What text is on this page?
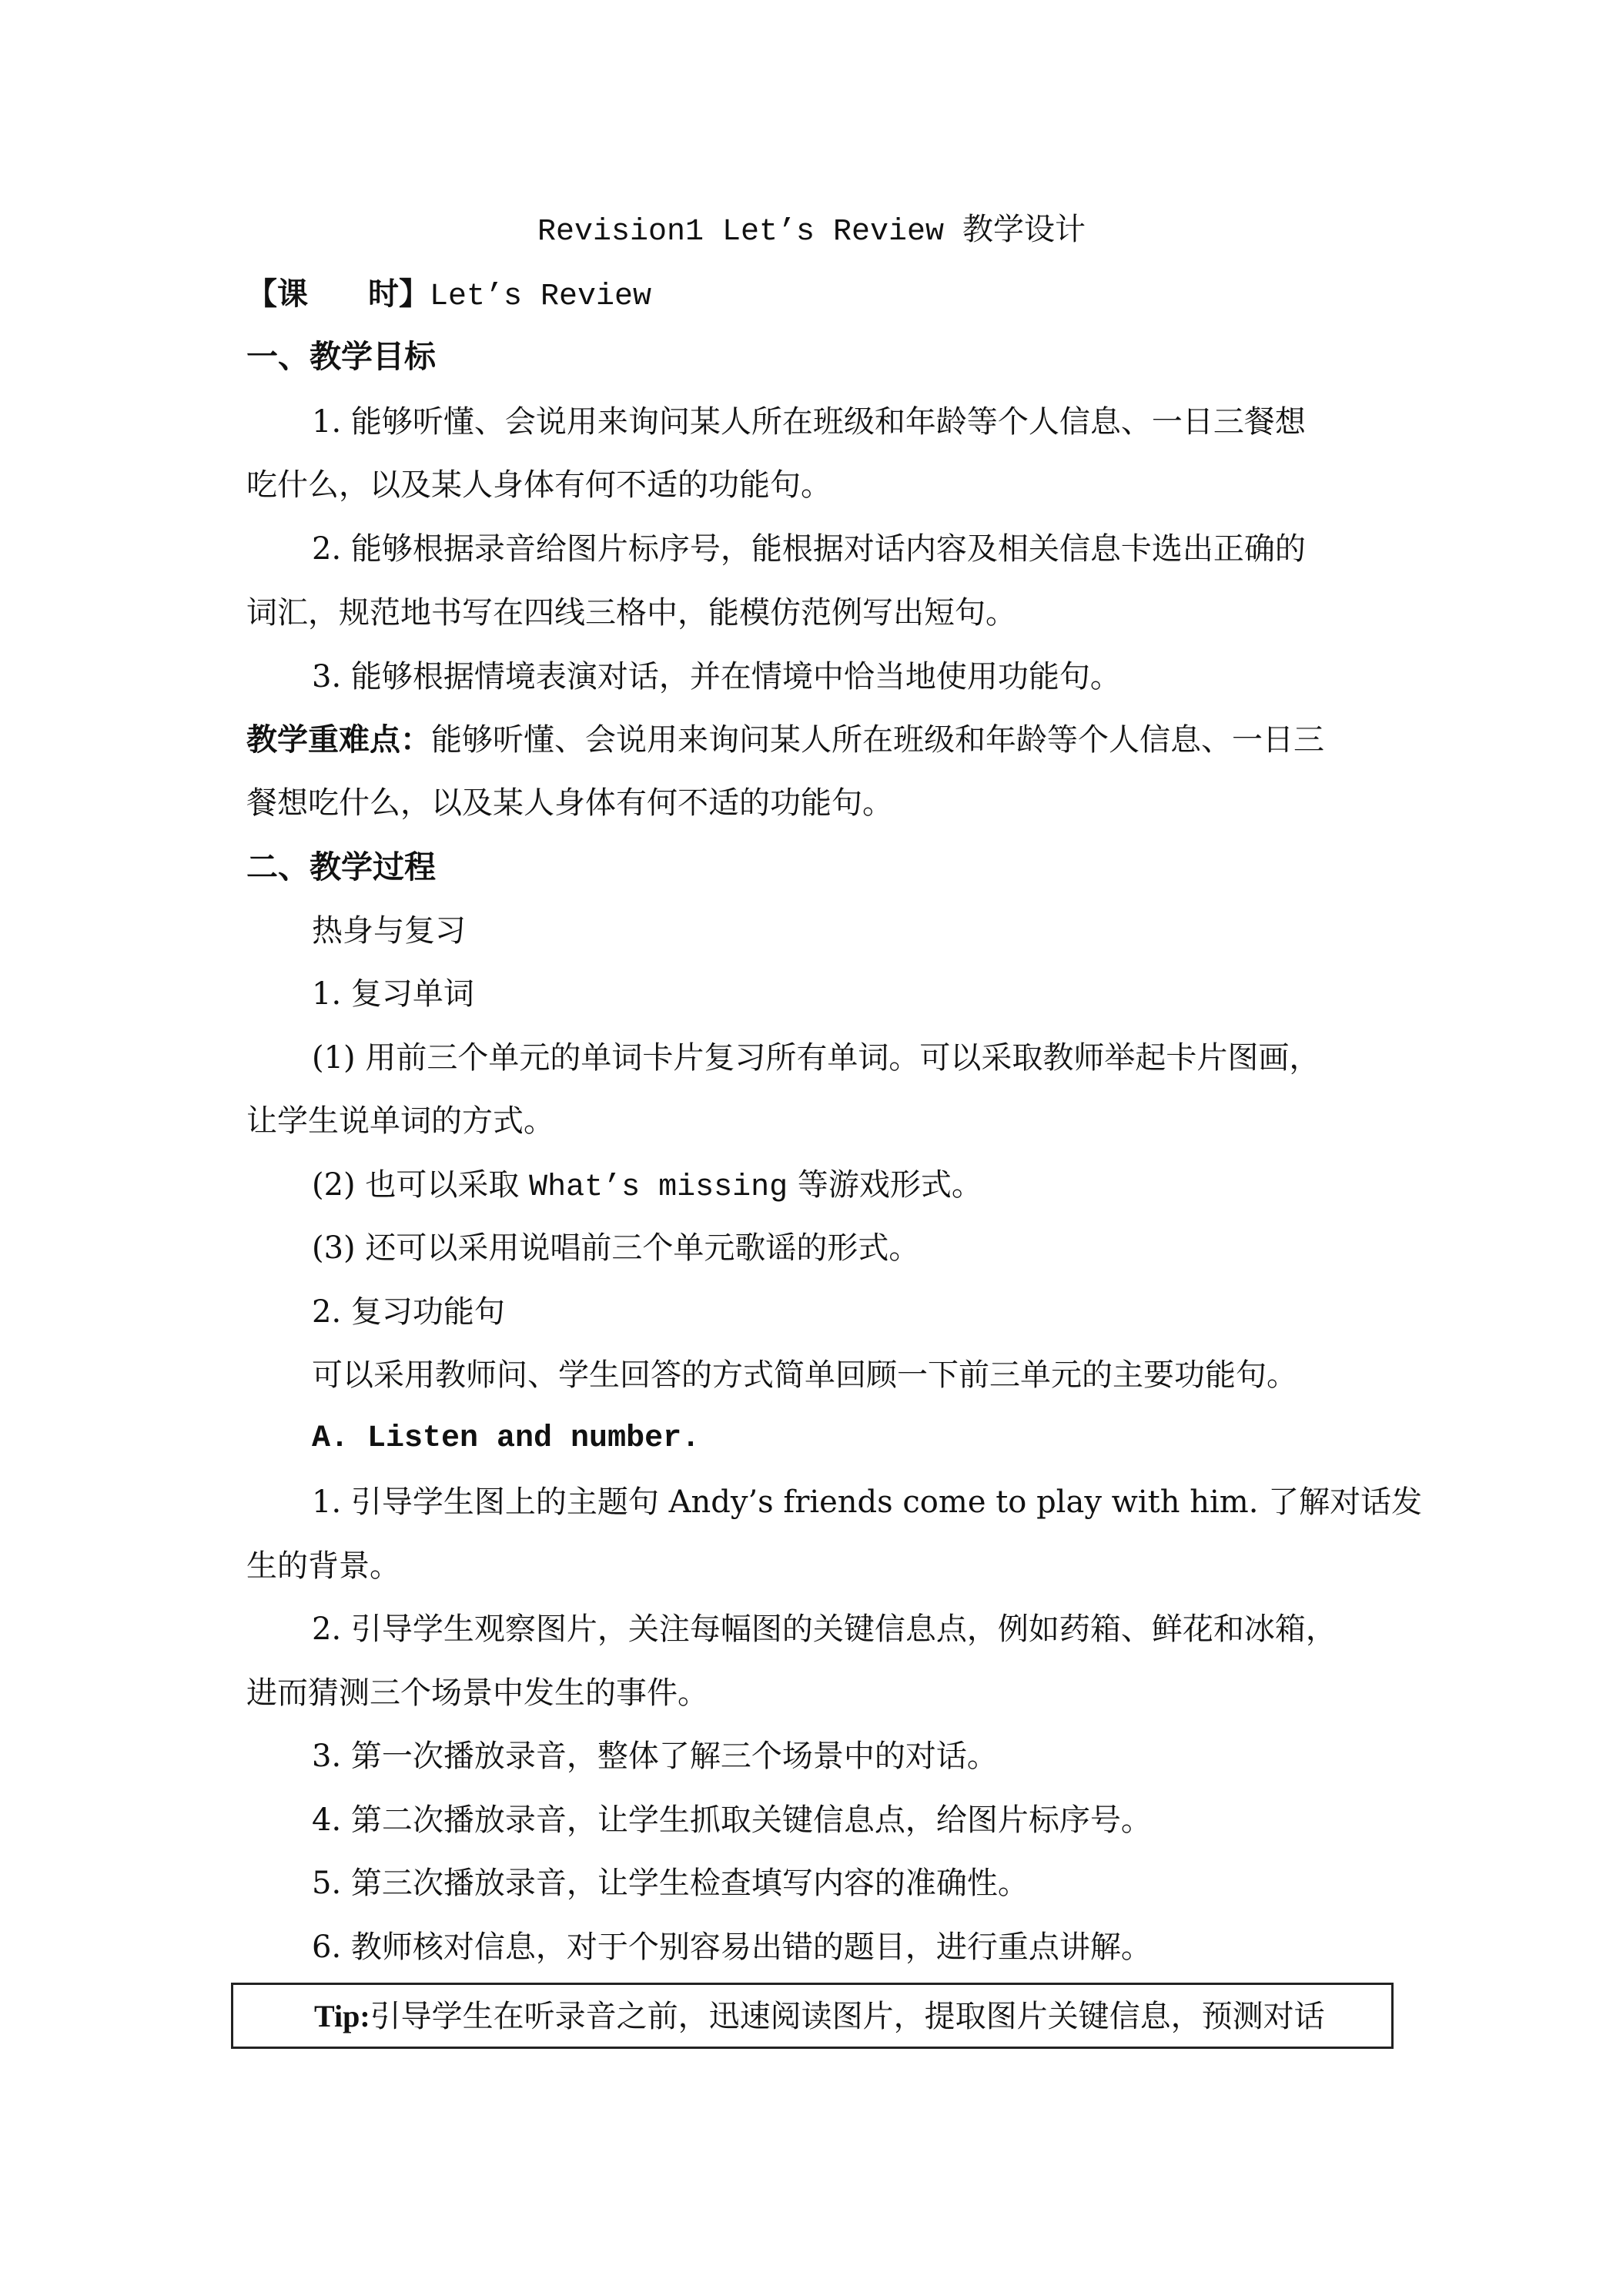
Revision1 Let’s Review 教学设计
【课 时】Let’s Review
一、教学目标
1. 能够听懂、会说用来询问某人所在班级和年龄等个人信息、一日三餐想
吃什么，以及某人身体有何不适的功能句。
2. 能够根据录音给图片标序号，能根据对话内容及相关信息卡选出正确的
词汇，规范地书写在四线三格中，能模仿范例写出短句。
3. 能够根据情境表演对话，并在情境中恰当地使用功能句。
教学重难点：能够听懂、会说用来询问某人所在班级和年龄等个人信息、一日三
餐想吃什么，以及某人身体有何不适的功能句。
二、教学过程
热身与复习
1. 复习单词
(1) 用前三个单元的单词卡片复习所有单词。可以采取教师举起卡片图画，
让学生说单词的方式。
(2) 也可以采取 What’s missing 等游戏形式。
(3) 还可以采用说唱前三个单元歌谣的形式。
2. 复习功能句
可以采用教师问、学生回答的方式简单回顾一下前三单元的主要功能句。
A. Listen and number.
1. 引导学生图上的主题句 Andy’s friends come to play with him. 了解对话发
生的背景。
2. 引导学生观察图片，关注每幅图的关键信息点，例如药箱、鲜花和冰箱，
进而猜测三个场景中发生的事件。
3. 第一次播放录音，整体了解三个场景中的对话。
4. 第二次播放录音，让学生抓取关键信息点，给图片标序号。
5. 第三次播放录音，让学生检查填写内容的准确性。
6. 教师核对信息，对于个别容易出错的题目，进行重点讲解。
Tip:引导学生在听录音之前，迅速阅读图片，提取图片关键信息，预测对话
